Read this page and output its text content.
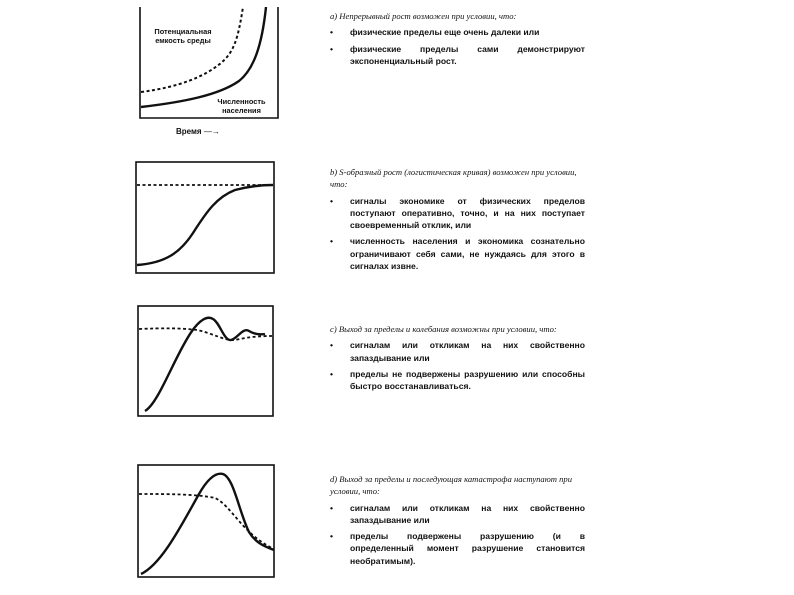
Потенциальная емкость среды
Численность населения
Время —→

a) Непрерывный рост возможен при условии, что:

•	физические пределы еще очень далеки или
•	физические пределы сами демонстрируют экспоненциальный рост.

b) S-образный рост (логистическая кривая) возможен при условии, что:

•	сигналы экономике от физических пределов поступают оперативно, точно, и на них поступает своевременный отклик, или
•	численность населения и экономика сознательно ограничивают себя сами, не нуждаясь для этого в сигналах извне.

c) Выход за пределы и колебания возможны при условии, что:

•	сигналам или откликам на них свойственно запаздывание или
•	пределы не подвержены разрушению или способны быстро восстанавливаться.

d) Выход за пределы и последующая катастрофа наступают при условии, что:

•	сигналам или откликам на них свойственно запаздывание или
•	пределы подвержены разрушению (и в определенный момент разрушение становится необратимым).
